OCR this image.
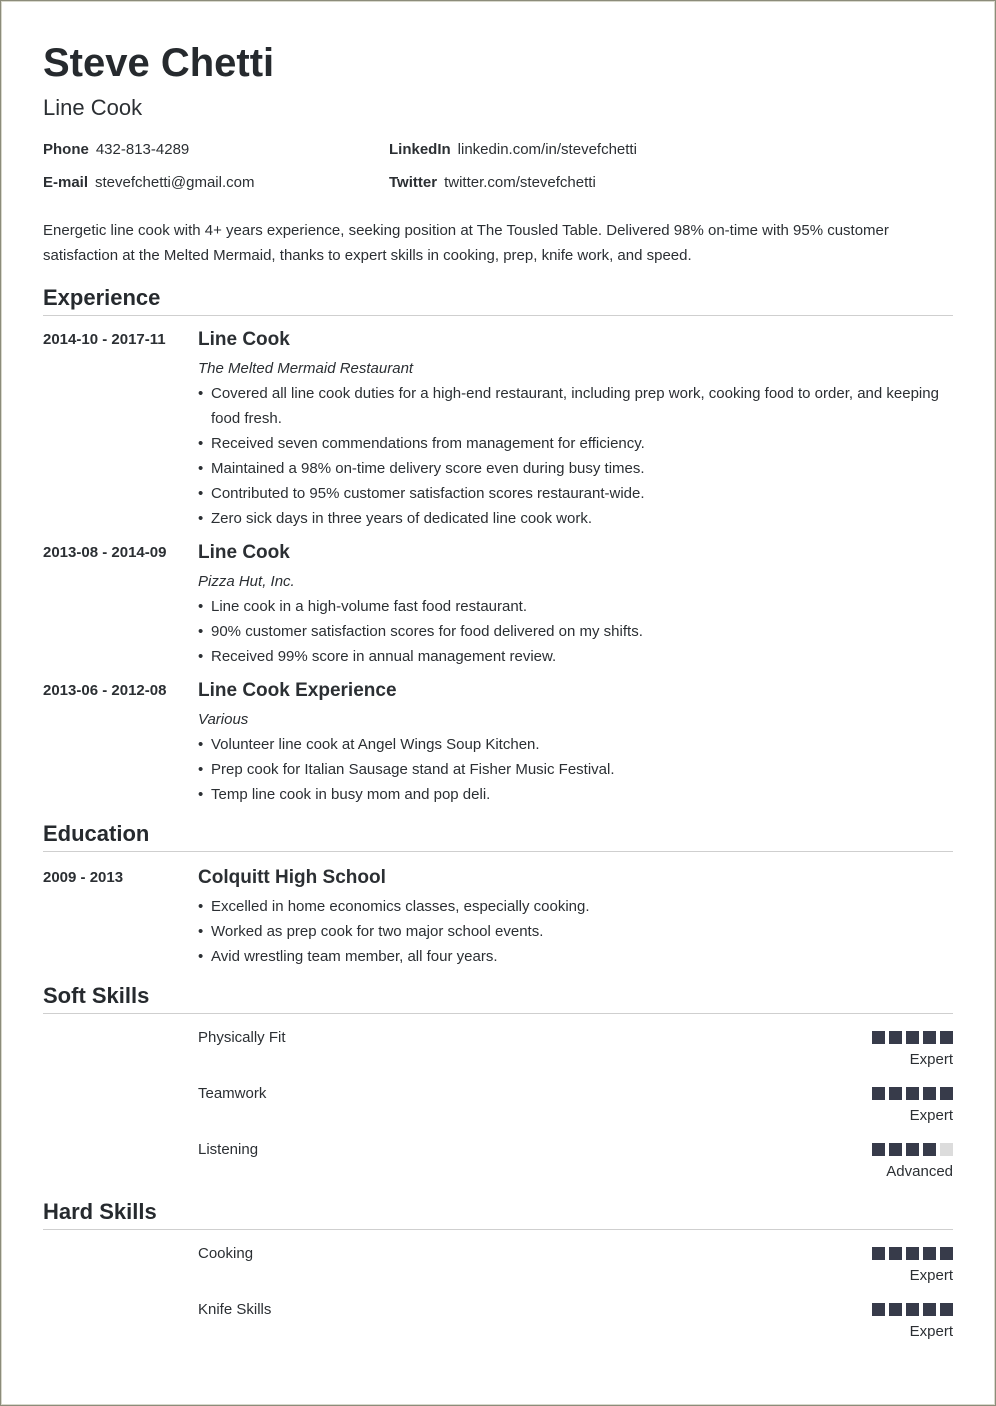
Steve Chetti
Line Cook
Phone 432-813-4289	LinkedIn linkedin.com/in/stevefchetti
E-mail stevefchetti@gmail.com	Twitter twitter.com/stevefchetti
Energetic line cook with 4+ years experience, seeking position at The Tousled Table. Delivered 98% on-time with 95% customer satisfaction at the Melted Mermaid, thanks to expert skills in cooking, prep, knife work, and speed.
Experience
2014-10 - 2017-11 Line Cook
The Melted Mermaid Restaurant
• Covered all line cook duties for a high-end restaurant, including prep work, cooking food to order, and keeping food fresh.
• Received seven commendations from management for efficiency.
• Maintained a 98% on-time delivery score even during busy times.
• Contributed to 95% customer satisfaction scores restaurant-wide.
• Zero sick days in three years of dedicated line cook work.
2013-08 - 2014-09 Line Cook
Pizza Hut, Inc.
• Line cook in a high-volume fast food restaurant.
• 90% customer satisfaction scores for food delivered on my shifts.
• Received 99% score in annual management review.
2013-06 - 2012-08 Line Cook Experience
Various
• Volunteer line cook at Angel Wings Soup Kitchen.
• Prep cook for Italian Sausage stand at Fisher Music Festival.
• Temp line cook in busy mom and pop deli.
Education
2009 - 2013	Colquitt High School
• Excelled in home economics classes, especially cooking.
• Worked as prep cook for two major school events.
• Avid wrestling team member, all four years.
Soft Skills
Physically Fit
Expert
Teamwork
Expert
Listening
Advanced
Hard Skills
Cooking
Expert
Knife Skills
Expert
